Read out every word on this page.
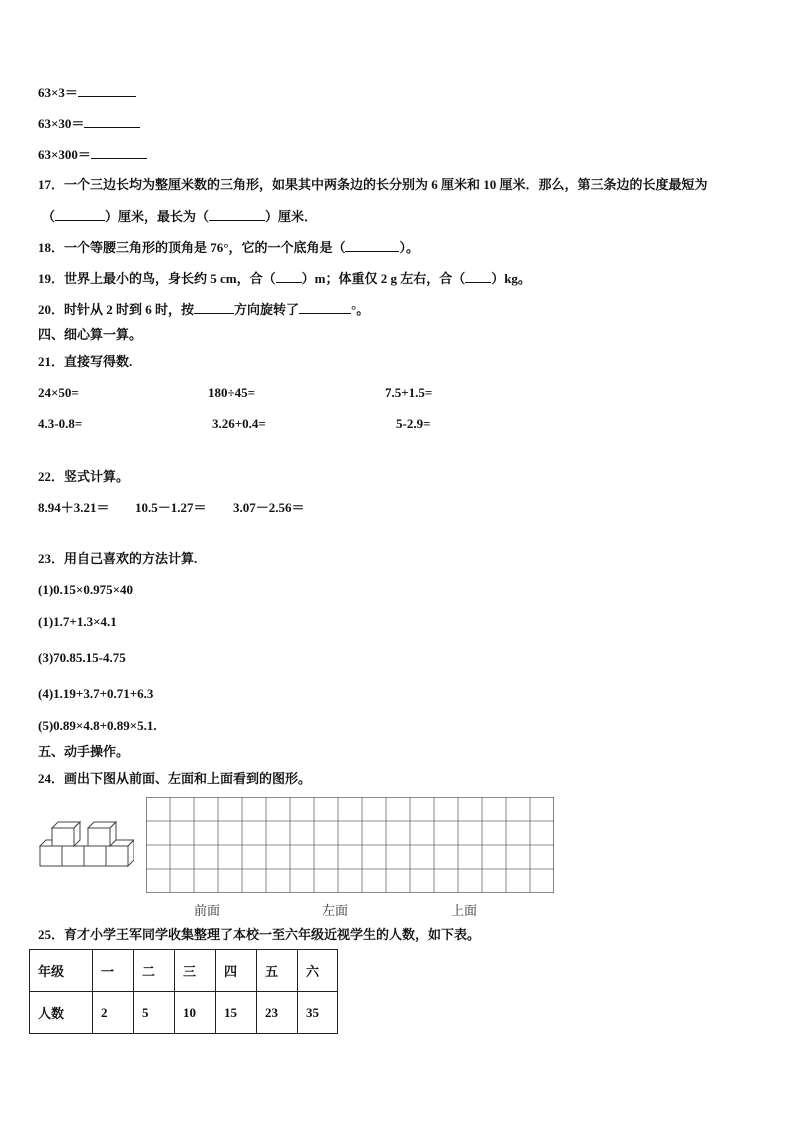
63×3＝
63×30＝
63×300＝
17．一个三边长均为整厘米数的三角形，如果其中两条边的长分别为 6 厘米和 10 厘米．那么，第三条边的长度最短为
（	）厘米，最长为（	）厘米．
18．一个等腰三角形的顶角是 76°，它的一个底角是（	）。
19．世界上最小的鸟，身长约 5 cm，合（ ）m；体重仅 2 g 左右，合（ ）kg。
20．时针从 2 时到 6 时，按	方向旋转了	°。
四、细心算一算。
21．直接写得数.
24×50=	180÷45=	7.5+1.5=
4.3-0.8=	3.26+0.4=	5-2.9=
22．竖式计算。
8.94＋3.21＝ 10.5－1.27＝ 3.07－2.56＝
23．用自己喜欢的方法计算.
(1)0.15×0.975×40
(1)1.7+1.3×4.1
(3)70.85.15-4.75
(4)1.19+3.7+0.71+6.3
(5)0.89×4.8+0.89×5.1.
五、动手操作。
24．画出下图从前面、左面和上面看到的图形。
前面	左面	上面
25．育才小学王军同学收集整理了本校一至六年级近视学生的人数，如下表。
年级	一	二	三	四	五	六
人数	2	5	10	15	23	35
